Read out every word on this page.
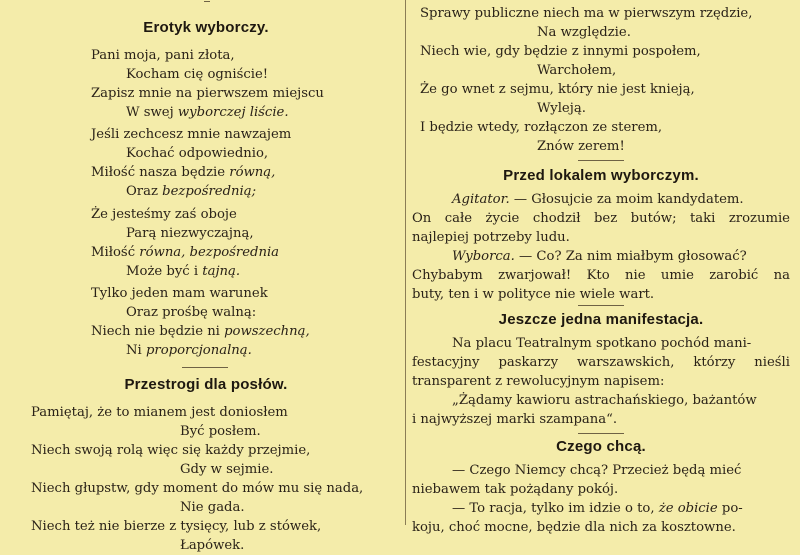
Erotyk wyborczy.
Pani moja, pani złota,
Kocham cię ogniście!
Zapisz mnie na pierwszem miejscu
W swej wyborczej liście.
Jeśli zechcesz mnie nawzajem
Kochać odpowiednio,
Miłość nasza będzie równą,
Oraz bezpośrednią;
Że jesteśmy zaś oboje
Parą niezwyczajną,
Miłość równa, bezpośrednia
Może być i tajną.
Tylko jeden mam warunek
Oraz prośbę walną:
Niech nie będzie ni powszechną,
Ni proporcjonalną.
Przestrogi dla posłów.
Pamiętaj, że to mianem jest doniosłem
Być posłem.
Niech swoją rolą więc się każdy przejmie,
Gdy w sejmie.
Niech głupstw, gdy moment do mów mu się nada,
Nie gada.
Niech też nie bierze z tysięcy, lub z stówek,
Łapówek.
Sprawy publiczne niech ma w pierwszym rzędzie,
Na względzie.
Niech wie, gdy będzie z innymi pospołem,
Warchołem,
Że go wnet z sejmu, który nie jest knieją,
Wyleją.
I będzie wtedy, rozłączon ze sterem,
Znów zerem!
Przed lokalem wyborczym.
Agitator. — Głosujcie za moim kandydatem.
On całe życie chodził bez butów; taki zrozumie
najlepiej potrzeby ludu.
Wyborca. — Co? Za nim miałbym głosować?
Chybabym zwarjował! Kto nie umie zarobić na
buty, ten i w polityce nie wiele wart.
Jeszcze jedna manifestacja.
Na placu Teatralnym spotkano pochód mani-
festacyjny paskarzy warszawskich, którzy nieśli
transparent z rewolucyjnym napisem:
„Żądamy kawioru astrachańskiego, bażantów
i najwyższej marki szampana“.
Czego chcą.
— Czego Niemcy chcą? Przecież będą mieć
niebawem tak pożądany pokój.
— To racja, tylko im idzie o to, że obicie po-
koju, choć mocne, będzie dla nich za kosztowne.
